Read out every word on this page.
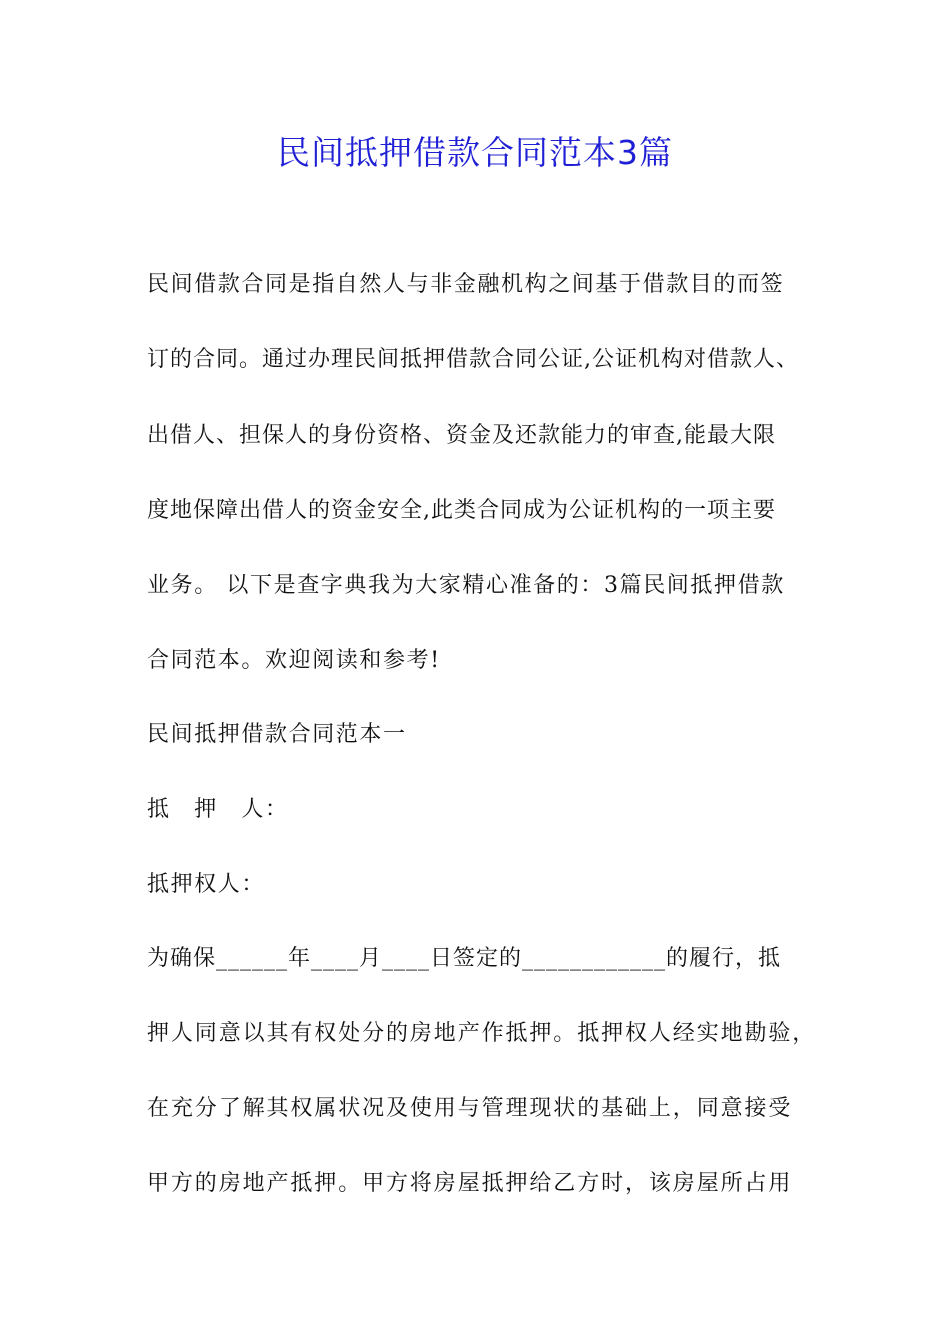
民间抵押借款合同范本3篇
民间借款合同是指自然人与非金融机构之间基于借款目的而签
订的合同。通过办理民间抵押借款合同公证,公证机构对借款人、
出借人、担保人的身份资格、资金及还款能力的审查,能最大限
度地保障出借人的资金安全,此类合同成为公证机构的一项主要
业务。 以下是查字典我为大家精心准备的：3篇民间抵押借款
合同范本。欢迎阅读和参考!
民间抵押借款合同范本一
抵　押　人：
抵押权人：
为确保______年____月____日签定的____________的履行，抵
押人同意以其有权处分的房地产作抵押。抵押权人经实地勘验，
在充分了解其权属状况及使用与管理现状的基础上，同意接受
甲方的房地产抵押。甲方将房屋抵押给乙方时，该房屋所占用
